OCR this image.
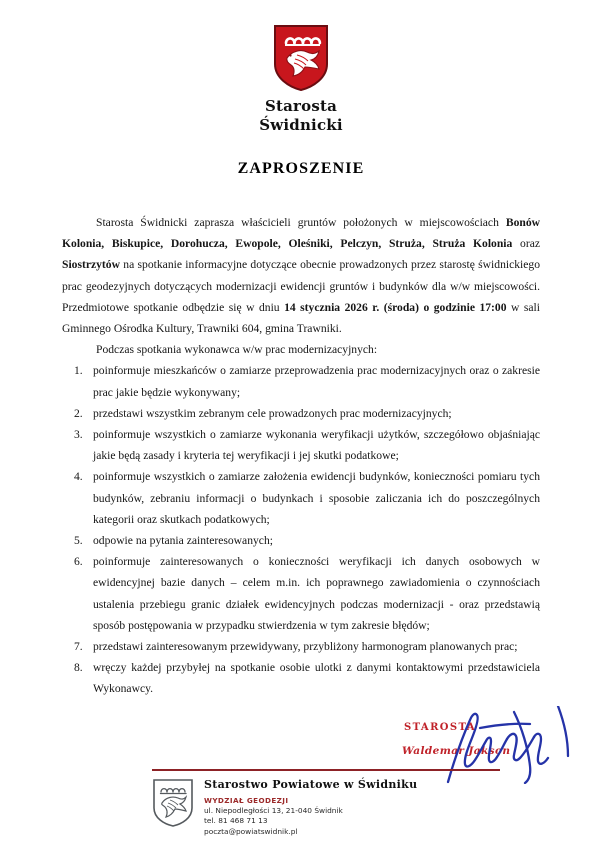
Starosta
Świdnicki
ZAPROSZENIE

Starosta Świdnicki zaprasza właścicieli gruntów położonych w miejscowościach Bonów Kolonia, Biskupice, Dorohucza, Ewopole, Oleśniki, Pelczyn, Struża, Struża Kolonia oraz Siostrzytów na spotkanie informacyjne dotyczące obecnie prowadzonych przez starostę świdnickiego prac geodezyjnych dotyczących modernizacji ewidencji gruntów i budynków dla w/w miejscowości. Przedmiotowe spotkanie odbędzie się w dniu 14 stycznia 2026 r. (środa) o godzinie 17:00 w sali Gminnego Ośrodka Kultury, Trawniki 604, gmina Trawniki.

Podczas spotkania wykonawca w/w prac modernizacyjnych:

poinformuje mieszkańców o zamiarze przeprowadzenia prac modernizacyjnych oraz o zakresie prac jakie będzie wykonywany;
przedstawi wszystkim zebranym cele prowadzonych prac modernizacyjnych;
poinformuje wszystkich o zamiarze wykonania weryfikacji użytków, szczegółowo objaśniając jakie będą zasady i kryteria tej weryfikacji i jej skutki podatkowe;
poinformuje wszystkich o zamiarze założenia ewidencji budynków, konieczności pomiaru tych budynków, zebraniu informacji o budynkach i sposobie zaliczania ich do poszczególnych kategorii oraz skutkach podatkowych;
odpowie na pytania zainteresowanych;
poinformuje zainteresowanych o konieczności weryfikacji ich danych osobowych w ewidencyjnej bazie danych – celem m.in. ich poprawnego zawiadomienia o czynnościach ustalenia przebiegu granic działek ewidencyjnych podczas modernizacji - oraz przedstawią sposób postępowania w przypadku stwierdzenia w tym zakresie błędów;
przedstawi zainteresowanym przewidywany, przybliżony harmonogram planowanych prac;
wręczy każdej przybyłej na spotkanie osobie ulotki z danymi kontaktowymi przedstawiciela Wykonawcy.
STAROSTA
Waldemar Jakson
Starostwo Powiatowe w Świdniku
WYDZIAŁ GEODEZJI
ul. Niepodległości 13, 21-040 Świdnik
tel. 81 468 71 13
poczta@powiatswidnik.pl
